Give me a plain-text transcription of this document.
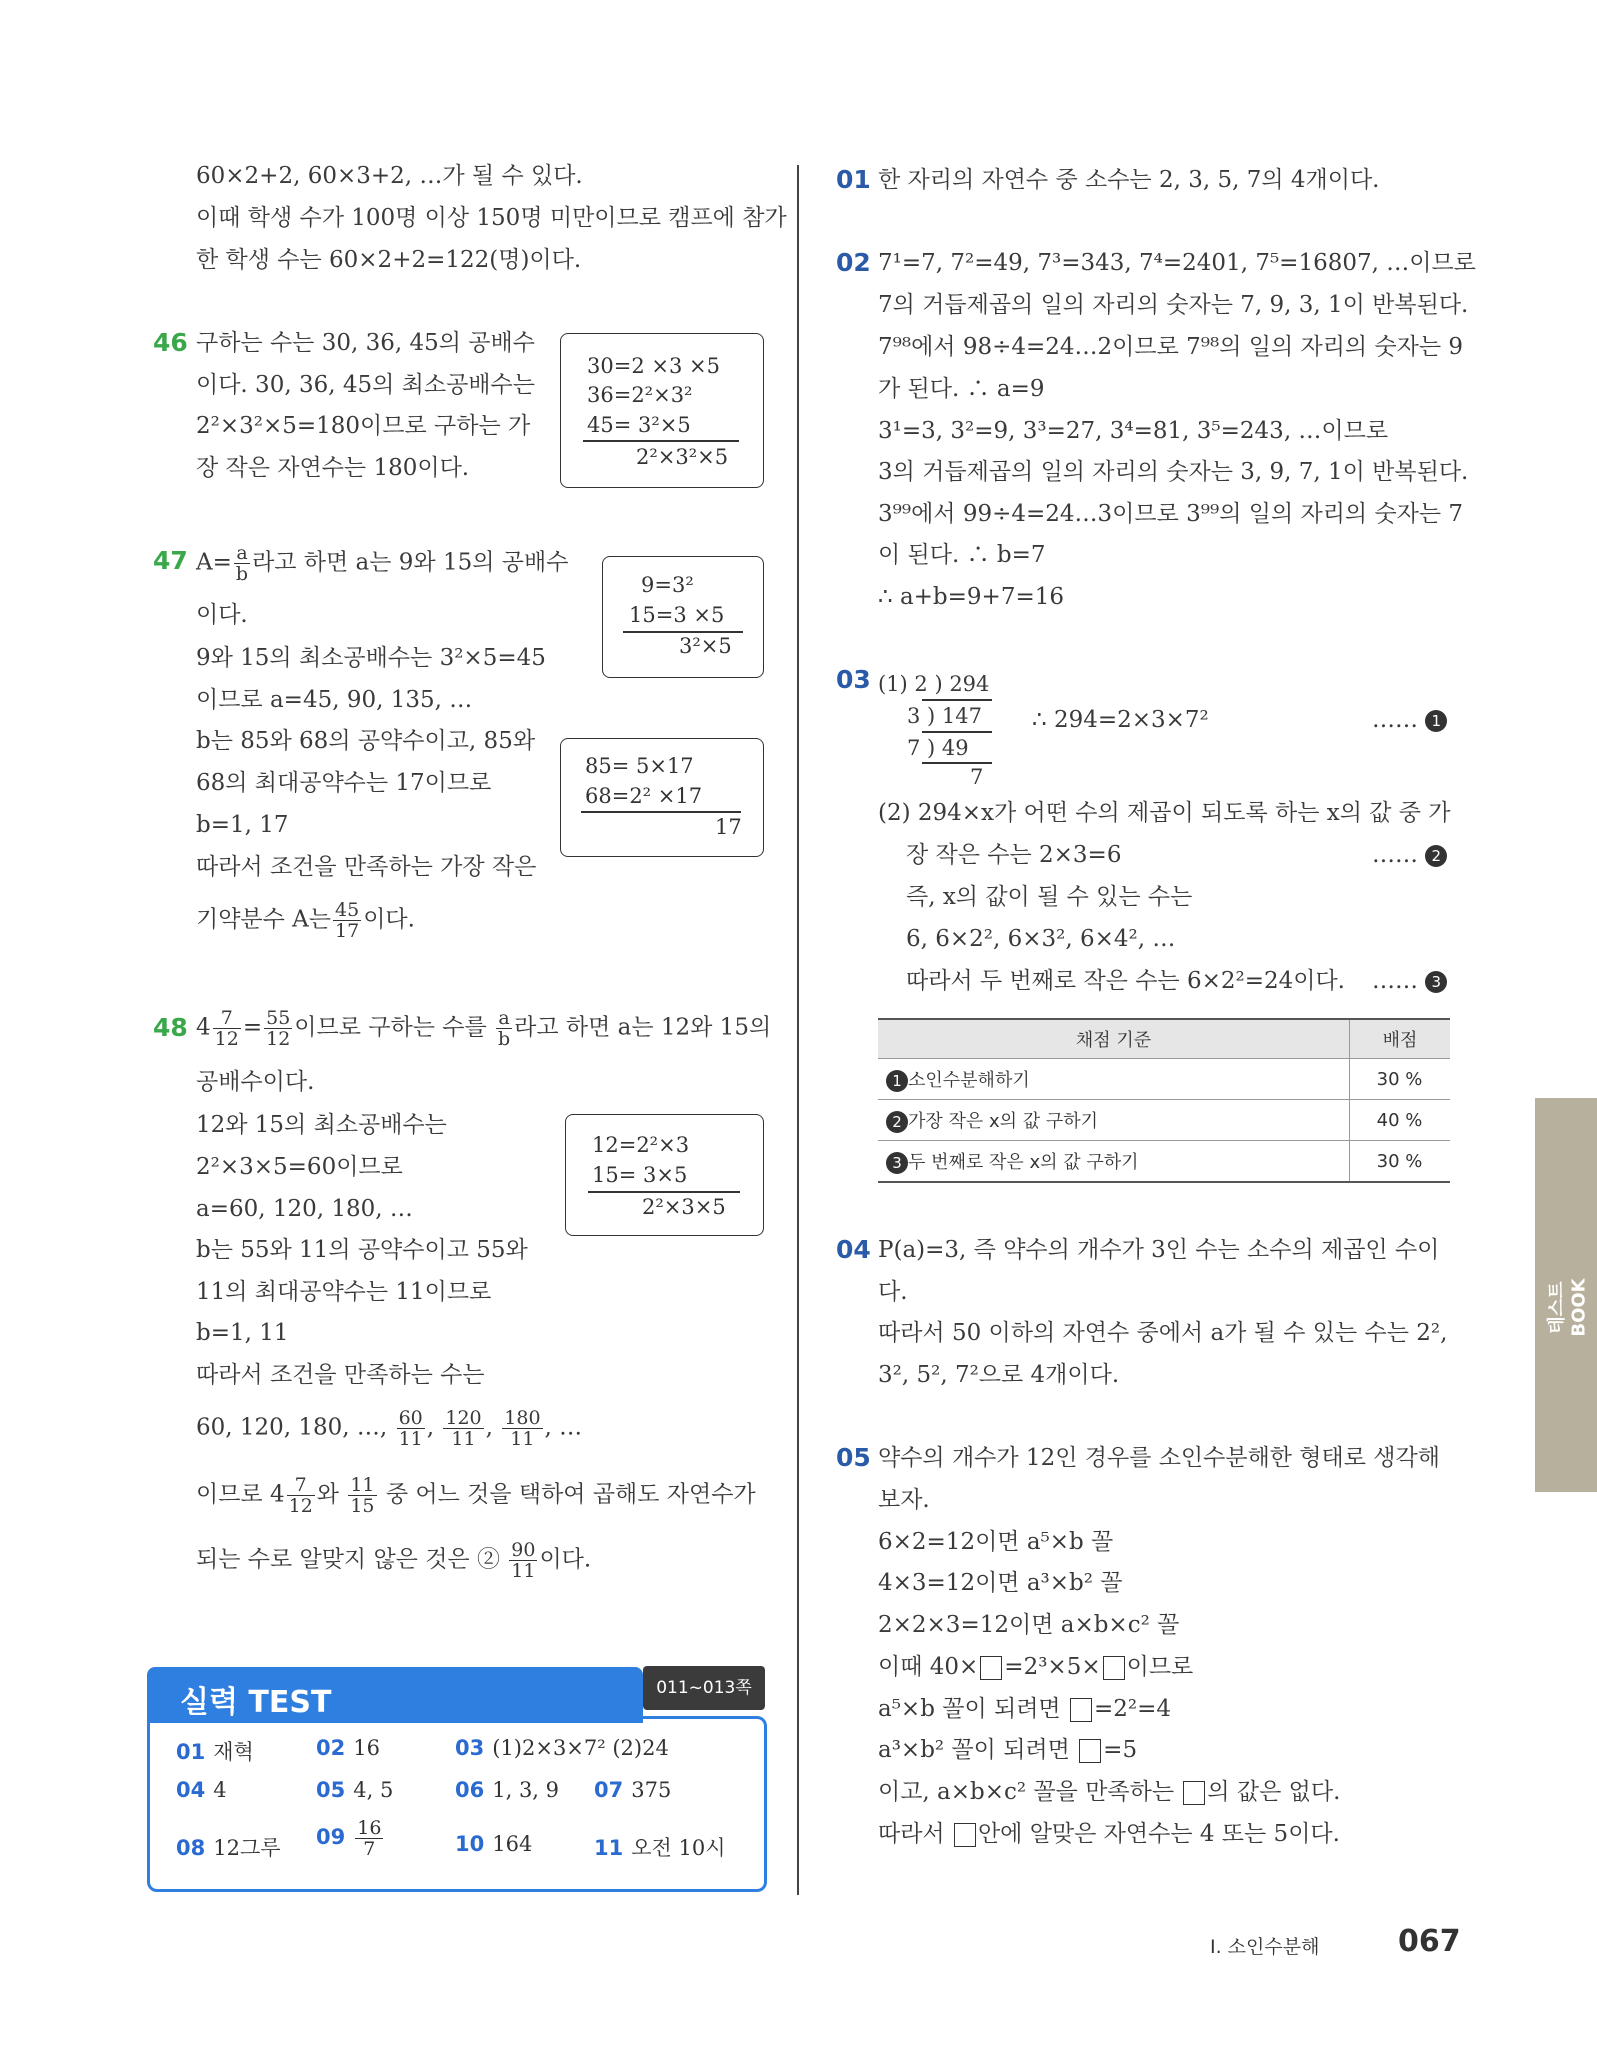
60×2+2, 60×3+2, …가 될 수 있다.
이때 학생 수가 100명 이상 150명 미만이므로 캠프에 참가
한 학생 수는 60×2+2=122(명)이다.
46 구하는 수는 30, 36, 45의 공배수
이다. 30, 36, 45의 최소공배수는
2²×3²×5=180이므로 구하는 가
장 작은 자연수는 180이다.
30=2 ×3 ×5
36=2²×3²
45= 3²×5
2²×3²×5
47 $A= \frac{a}{b}$ 라고 하면 a는 9와 15의 공배수
이다.
9와 15의 최소공배수는 3²×5=45
이므로 a=45, 90, 135, …
b는 85와 68의 공약수이고, 85와
68의 최대공약수는 17이므로
b=1, 17
따라서 조건을 만족하는 가장 작은
기약분수 A는 $\frac{45}{17}$ 이다.
9=3²
15=3 ×5
3²×5
85= 5×17
68=2² ×17
17
48 $4 \frac{7}{12} = \frac{55}{12}$ 이므로 구하는 수를 $\frac{a}{b}$ 라고 하면 a는 12와 15의
공배수이다.
12와 15의 최소공배수는
2²×3×5=60이므로
a=60, 120, 180, …
b는 55와 11의 공약수이고 55와
11의 최대공약수는 11이므로
b=1, 11
따라서 조건을 만족하는 수는
60, 120, 180, …, $\frac{60}{11}$ , $\frac{120}{11}$ , $\frac{180}{11}$ , …
이므로 $4 \frac{7}{12}$ 와 $\frac{11}{15}$ 중 어느 것을 택하여 곱해도 자연수가
되는 수로 알맞지 않은 것은 ② $\frac{90}{11}$ 이다.
12=2²×3
15= 3×5
2²×3×5
실력 TEST	011~013쪽
01 재혁	02 16	03 (1)2×3×7² (2)24
04 4	05 4, 5	06 1, 3, 9 07 375
08 12그루 $09 \frac{16}{7}$	10 164	11 오전 10시
01 한 자리의 자연수 중 소수는 2, 3, 5, 7의 4개이다.
02 7¹=7, 7²=49, 7³=343, 7⁴=2401, 7⁵=16807, …이므로
7의 거듭제곱의 일의 자리의 숫자는 7, 9, 3, 1이 반복된다.
7⁹⁸에서 98÷4=24…2이므로 7⁹⁸의 일의 자리의 숫자는 9
가 된다. ∴ a=9
3¹=3, 3²=9, 3³=27, 3⁴=81, 3⁵=243, …이므로
3의 거듭제곱의 일의 자리의 숫자는 3, 9, 7, 1이 반복된다.
3⁹⁹에서 99÷4=24…3이므로 3⁹⁹의 일의 자리의 숫자는 7
이 된다. ∴ b=7
∴ a+b=9+7=16
03 (1) 2 ) 294
3 ) 147
7 ) 49
7
∴ 294=2×3×7²	…… 1
(2) 294×x가 어떤 수의 제곱이 되도록 하는 x의 값 중 가
장 작은 수는 2×3=6	…… 2
즉, x의 값이 될 수 있는 수는
6, 6×2², 6×3², 6×4², …
따라서 두 번째로 작은 수는 6×2²=24이다. …… 3
채점 기준	배점
1 소인수분해하기	30 %
2 가장 작은 x의 값 구하기	40 %
3 두 번째로 작은 x의 값 구하기	30 %
04 P(a)=3, 즉 약수의 개수가 3인 수는 소수의 제곱인 수이
다.
따라서 50 이하의 자연수 중에서 a가 될 수 있는 수는 2²,
3², 5², 7²으로 4개이다.
05 약수의 개수가 12인 경우를 소인수분해한 형태로 생각해
보자.
6×2=12이면 a⁵×b 꼴
4×3=12이면 a³×b² 꼴
2×2×3=12이면 a×b×c² 꼴
이때 40× =2³×5× 이므로
a⁵×b 꼴이 되려면 =2²=4
a³×b² 꼴이 되려면 =5
이고, a×b×c² 꼴을 만족하는 의 값은 없다.
따라서 안에 알맞은 자연수는 4 또는 5이다.
테스트 BOOK
Ⅰ. 소인수분해	067
